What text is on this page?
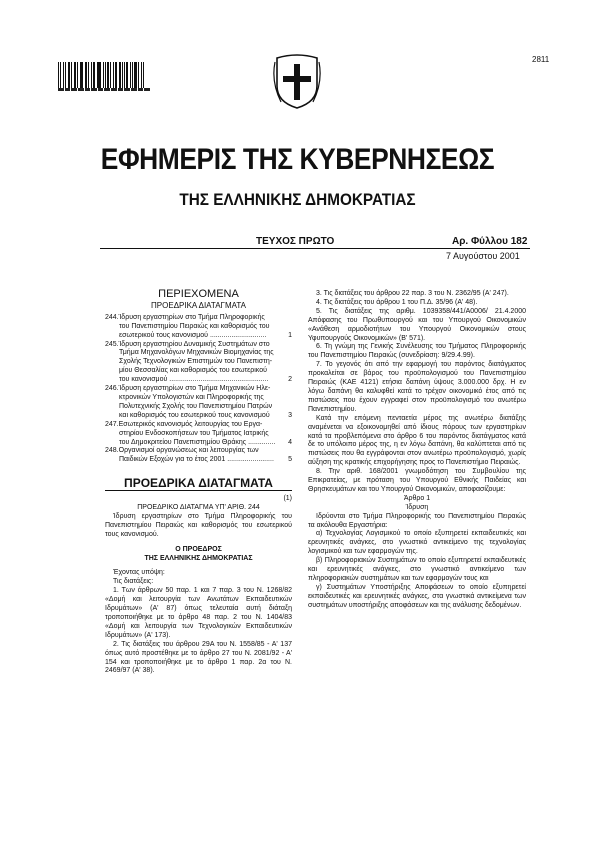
2811
ΕΦΗΜΕΡΙΣ ΤΗΣ ΚΥΒΕΡΝΗΣΕΩΣ
ΤΗΣ ΕΛΛΗΝΙΚΗΣ ΔΗΜΟΚΡΑΤΙΑΣ
ΤΕΥΧΟΣ ΠΡΩΤΟ	Αρ. Φύλλου 182
7 Αυγούστου 2001
ΠΕΡΙΕΧΟΜΕΝΑ
ΠΡΟΕΔΡΙΚΑ ΔΙΑΤΑΓΜΑΤΑ
244.Ίδρυση εργαστηρίων στο Τμήμα Πληροφορικής
του Πανεπιστημίου Πειραιώς και καθορισμός του
εσωτερικού τους κανονισμού .............................	1
245.Ίδρυση εργαστηρίου Δυναμικής Συστημάτων στο
Τμήμα Μηχανολόγων Μηχανικών Βιομηχανίας της
Σχολής Τεχνολογικών Επιστημών του Πανεπιστη-
μίου Θεσσαλίας και καθορισμός του εσωτερικού
του κανονισμού ...................................................	2
246.Ίδρυση εργαστηρίων στο Τμήμα Μηχανικών Ηλε-
κτρονικών Υπολογιστών και Πληροφορικής της
Πολυτεχνικής Σχολής του Πανεπιστημίου Πατρών
και καθορισμός του εσωτερικού τους κανονισμού	3
247.Εσωτερικός κανονισμός λειτουργίας του Εργα-
στηρίου Ενδοσκοπήσεων του Τμήματος Ιατρικής
του Δημοκριτείου Πανεπιστημίου Θράκης ..............	4
248.Οργανισμοί οργανώσεως και λειτουργίας των
Παιδικών Εξοχών για το έτος 2001 ........................	5
ΠΡΟΕΔΡΙΚΑ ΔΙΑΤΑΓΜΑΤΑ
(1)
ΠΡΟΕΔΡΙΚΟ ΔΙΑΤΑΓΜΑ ΥΠ' ΑΡΙΘ. 244
Ίδρυση εργαστηρίων στο Τμήμα Πληροφορικής του Πανεπιστημίου Πειραιώς και καθορισμός του εσωτερικού τους κανονισμού.
Ο ΠΡΟΕΔΡΟΣ
ΤΗΣ ΕΛΛΗΝΙΚΗΣ ΔΗΜΟΚΡΑΤΙΑΣ
Έχοντας υπόψη:
Τις διατάξεις:
1. Των άρθρων 50 παρ. 1 και 7 παρ. 3 του Ν. 1268/82 «Δομή και λειτουργία των Ανωτάτων Εκπαιδευτικών Ιδρυμάτων» (Α' 87) όπως τελευταία αυτή διάταξη τροποποιήθηκε με το άρθρο 48 παρ. 2 του Ν. 1404/83 «Δομή και λειτουργία των Τεχνολογικών Εκπαιδευτικών Ιδρυμάτων» (Α' 173).
2. Τις διατάξεις του άρθρου 29Α του Ν. 1558/85 - Α' 137 όπως αυτό προστέθηκε με το άρθρο 27 του Ν. 2081/92 - Α' 154 και τροποποιήθηκε με το άρθρο 1 παρ. 2α του Ν. 2469/97 (Α' 38).
3. Τις διατάξεις του άρθρου 22 παρ. 3 του Ν. 2362/95 (Α' 247).
4. Τις διατάξεις του άρθρου 1 του Π.Δ. 35/96 (Α' 48).
5. Τις διατάξεις της αριθμ. 1039358/441/Α0006/ 21.4.2000 Απόφασης του Πρωθυπουργού και του Υπουργού Οικονομικών «Ανάθεση αρμοδιοτήτων του Υπουργού Οικονομικών στους Υφυπουργούς Οικονομικών» (Β' 571).
6. Τη γνώμη της Γενικής Συνέλευσης του Τμήματος Πληροφορικής του Πανεπιστημίου Πειραιώς (συνεδρίαση: 9/29.4.99).
7. Το γεγονός ότι από την εφαρμογή του παρόντος διατάγματος προκαλείται σε βάρος του προϋπολογισμού του Πανεπιστημίου Πειραιώς (ΚΑΕ 4121) ετήσια δαπάνη ύψους 3.000.000 δρχ. Η εν λόγω δαπάνη θα καλυφθεί κατά το τρέχον οικονομικό έτος από τις πιστώσεις που έχουν εγγραφεί στον προϋπολογισμό του ανωτέρω Πανεπιστημίου.
Κατά την επόμενη πενταετία μέρος της ανωτέρω διατάξης αναμένεται να εξοικονομηθεί από ίδιους πόρους των εργαστηρίων κατά τα προβλεπόμενα στο άρθρο 6 του παρόντος διατάγματος κατά δε το υπόλοιπο μέρος της, η εν λόγω δαπάνη, θα καλύπτεται από τις πιστώσεις που θα εγγράφονται στον ανωτέρω προϋπολογισμό, χωρίς αύξηση της κρατικής επιχορήγησης προς το Πανεπιστήμιο Πειραιώς.
8. Την αριθ. 168/2001 γνωμοδότηση του Συμβουλίου της Επικρατείας, με πρόταση του Υπουργού Εθνικής Παιδείας και Θρησκευμάτων και του Υπουργού Οικονομικών, αποφασίζουμε:
Άρθρο 1
Ίδρυση
Ιδρύονται στο Τμήμα Πληροφορικής του Πανεπιστημίου Πειραιώς τα ακόλουθα Εργαστήρια:
α) Τεχνολογίας Λογισμικού το οποίο εξυπηρετεί εκπαιδευτικές και ερευνητικές ανάγκες, στο γνωστικό αντικείμενο της τεχνολογίας λογισμικού και των εφαρμογών της.
β) Πληροφοριακών Συστημάτων το οποίο εξυπηρετεί εκπαιδευτικές και ερευνητικές ανάγκες, στο γνωστικό αντικείμενο των πληροφοριακών συστημάτων και των εφαρμογών τους και
γ) Συστημάτων Υποστήριξης Αποφάσεων το οποίο εξυπηρετεί εκπαιδευτικές και ερευνητικές ανάγκες, στα γνωστικά αντικείμενα των συστημάτων υποστήριξης αποφάσεων και της ανάλυσης δεδομένων.
